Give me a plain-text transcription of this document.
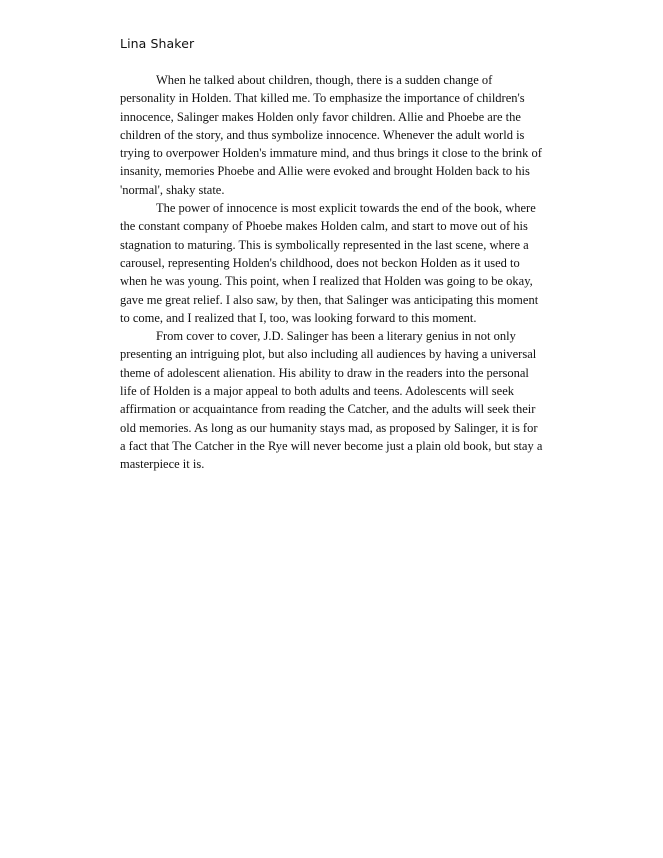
Lina Shaker

When he talked about children, though, there is a sudden change of personality in Holden. That killed me. To emphasize the importance of children's innocence, Salinger makes Holden only favor children. Allie and Phoebe are the children of the story, and thus symbolize innocence. Whenever the adult world is trying to overpower Holden's immature mind, and thus brings it close to the brink of insanity, memories Phoebe and Allie were evoked and brought Holden back to his 'normal', shaky state.

The power of innocence is most explicit towards the end of the book, where the constant company of Phoebe makes Holden calm, and start to move out of his stagnation to maturing. This is symbolically represented in the last scene, where a carousel, representing Holden's childhood, does not beckon Holden as it used to when he was young. This point, when I realized that Holden was going to be okay, gave me great relief. I also saw, by then, that Salinger was anticipating this moment to come, and I realized that I, too, was looking forward to this moment.

From cover to cover, J.D. Salinger has been a literary genius in not only presenting an intriguing plot, but also including all audiences by having a universal theme of adolescent alienation. His ability to draw in the readers into the personal life of Holden is a major appeal to both adults and teens. Adolescents will seek affirmation or acquaintance from reading the Catcher, and the adults will seek their old memories. As long as our humanity stays mad, as proposed by Salinger, it is for a fact that The Catcher in the Rye will never become just a plain old book, but stay a masterpiece it is.
